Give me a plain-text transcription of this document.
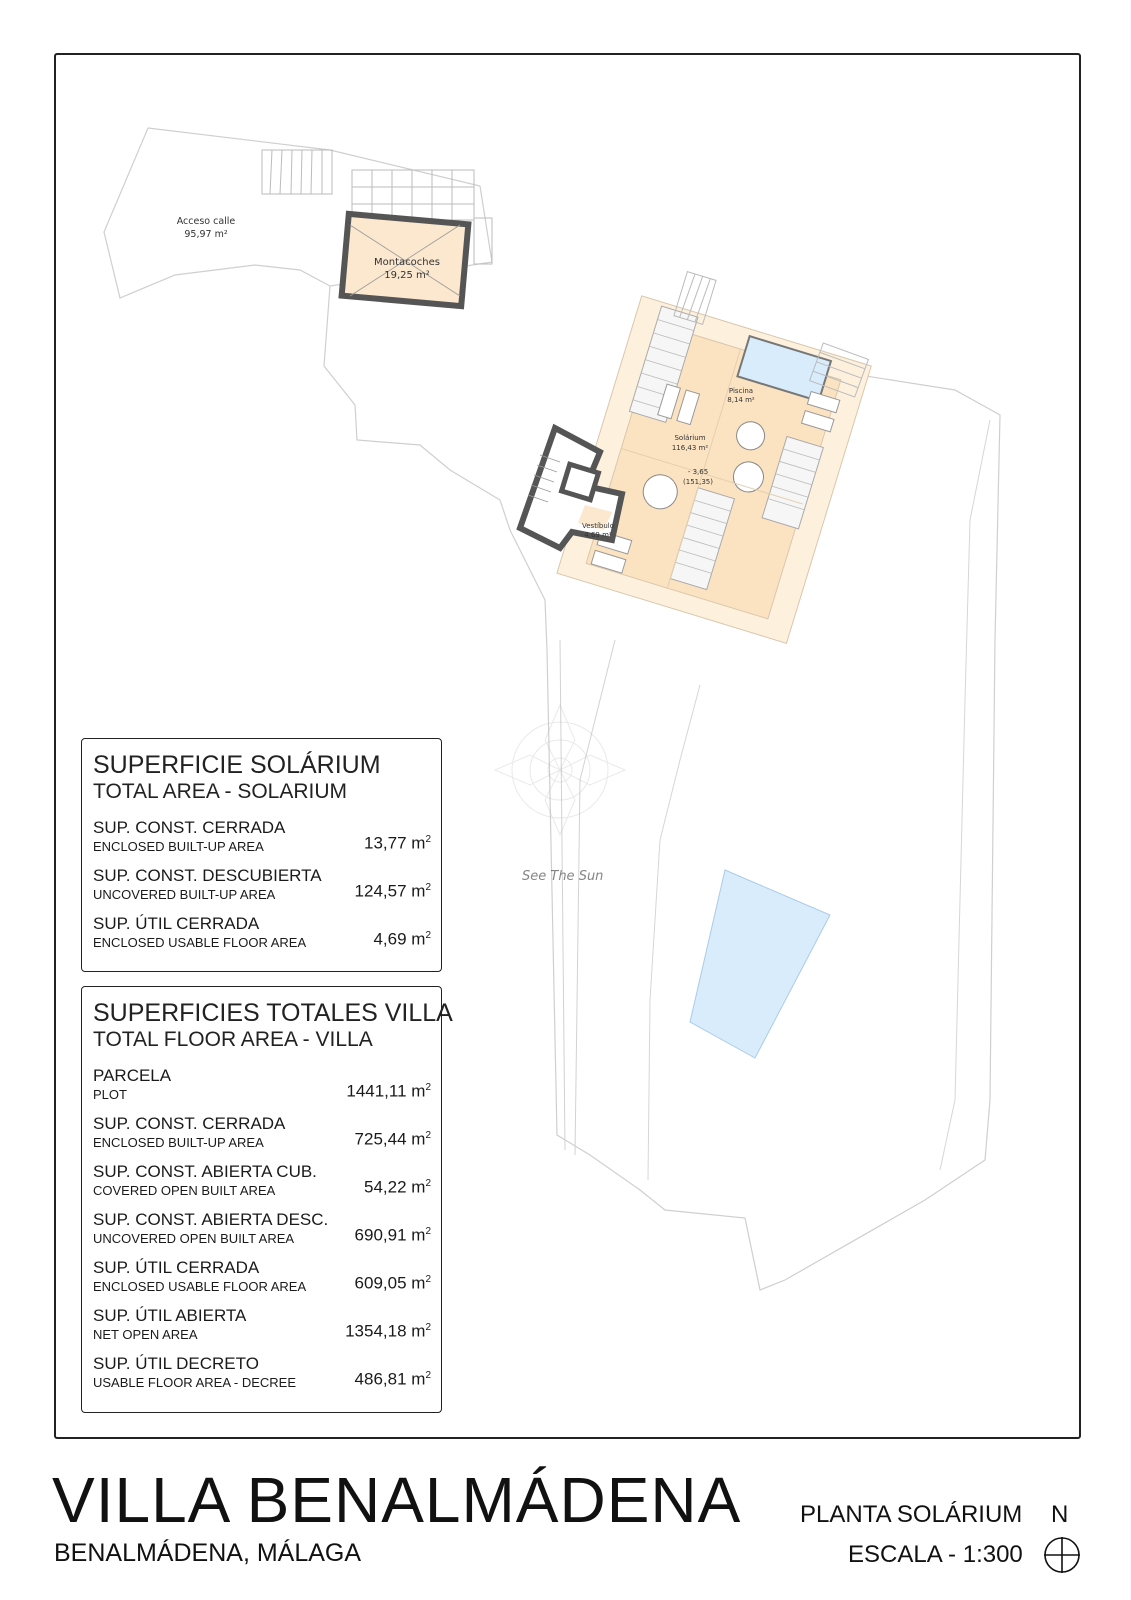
See The Sun
Acceso calle
95,97 m²
Montacoches
19,25 m²
Piscina
8,14 m²
Solárium
116,43 m²
- 3,65
(151,35)
Vestíbulo
4,69 m²
SUPERFICIE SOLÁRIUM
TOTAL AREA - SOLARIUM
SUP. CONST. CERRADA
ENCLOSED BUILT-UP AREA	13,77 $m^2$
SUP. CONST. DESCUBIERTA
UNCOVERED BUILT-UP AREA	124,57 $m^2$
SUP. ÚTIL CERRADA
ENCLOSED USABLE FLOOR AREA	4,69 $m^2$
SUPERFICIES TOTALES VILLA
TOTAL FLOOR AREA - VILLA
PARCELA
PLOT	1441,11 $m^2$
SUP. CONST. CERRADA
ENCLOSED BUILT-UP AREA	725,44 $m^2$
SUP. CONST. ABIERTA CUB.
COVERED OPEN BUILT AREA	54,22 $m^2$
SUP. CONST. ABIERTA DESC.
UNCOVERED OPEN BUILT AREA	690,91 $m^2$
SUP. ÚTIL CERRADA
ENCLOSED USABLE FLOOR AREA	609,05 $m^2$
SUP. ÚTIL ABIERTA
NET OPEN AREA	1354,18 $m^2$
SUP. ÚTIL DECRETO
USABLE FLOOR AREA - DECREE	486,81 $m^2$
VILLA BENALMÁDENA
BENALMÁDENA, MÁLAGA
PLANTA SOLÁRIUM
ESCALA - 1:300
N
